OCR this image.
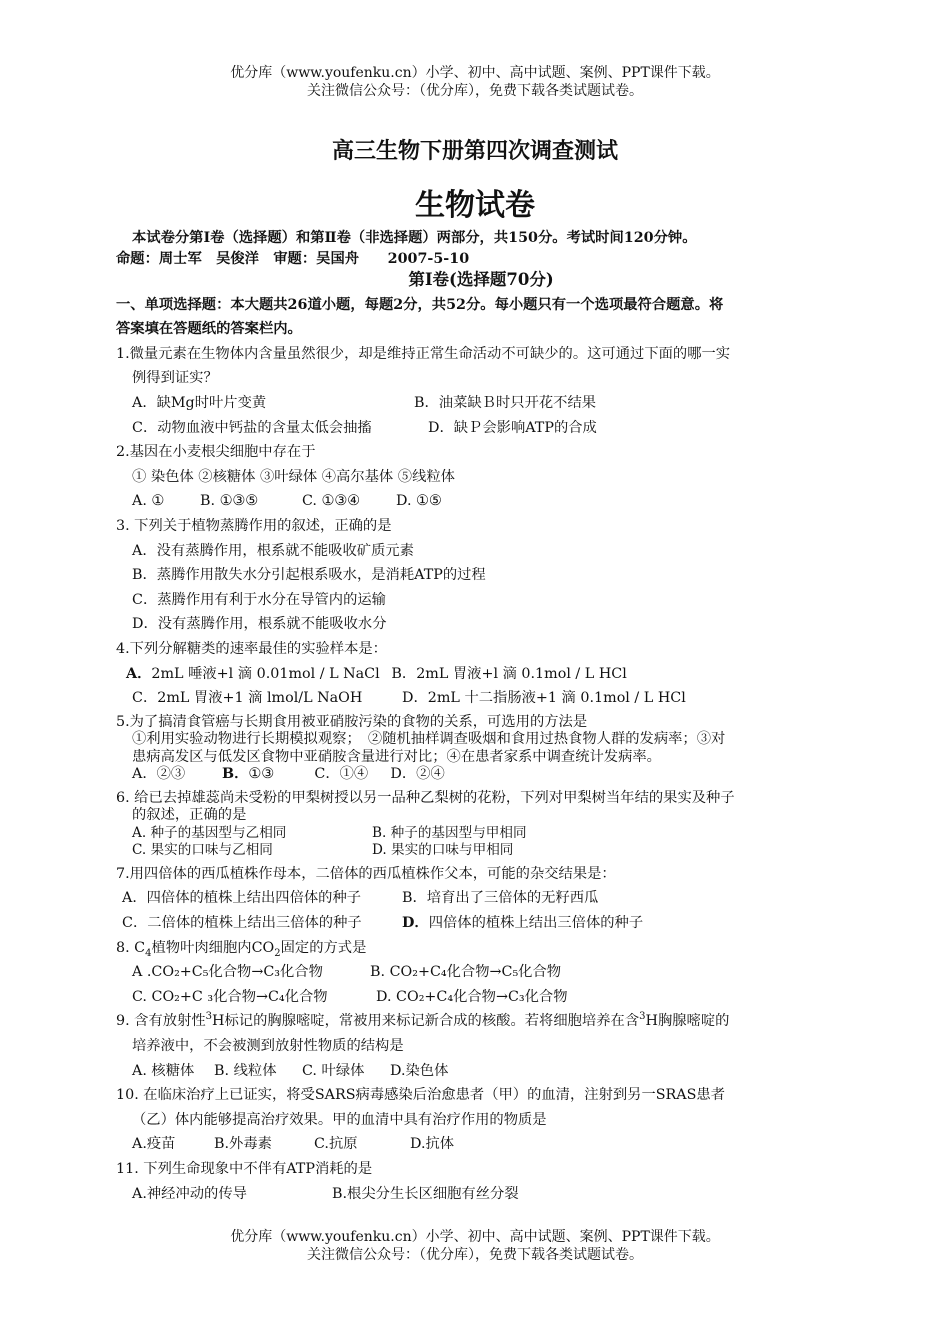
优分库（www.youfenku.cn）小学、初中、高中试题、案例、PPT课件下载。
关注微信公众号：（优分库），免费下载各类试题试卷。
高三生物下册第四次调查测试
生物试卷
本试卷分第Ⅰ卷（选择题）和第Ⅱ卷（非选择题）两部分，共150分。考试时间120分钟。
命题：周士军　吴俊洋　审题：吴国舟　　2007-5-10
第Ⅰ卷(选择题70分)
一、单项选择题：本大题共26道小题，每题2分，共52分。每小题只有一个选项最符合题意。将
答案填在答题纸的答案栏内。
1.微量元素在生物体内含量虽然很少，却是维持正常生命活动不可缺少的。这可通过下面的哪一实
例得到证实？
A．缺Mg时叶片变黄	B．油菜缺Ｂ时只开花不结果
C．动物血液中钙盐的含量太低会抽搐	D．缺Ｐ会影响ATP的合成
2.基因在小麦根尖细胞中存在于
① 染色体 ②核糖体 ③叶绿体 ④高尔基体 ⑤线粒体
A. ①	B. ①③⑤	C. ①③④	D. ①⑤
3. 下列关于植物蒸腾作用的叙述，正确的是
A．没有蒸腾作用，根系就不能吸收矿质元素
B．蒸腾作用散失水分引起根系吸水，是消耗ATP的过程
C．蒸腾作用有利于水分在导管内的运输
D．没有蒸腾作用，根系就不能吸收水分
4.下列分解糖类的速率最佳的实验样本是：
A．2mL 唾液+l 滴 0.01mol / L NaCl B．2mL 胃液+l 滴 0.1mol / L HCl
C．2mL 胃液+1 滴 lmol/L NaOH	D．2mL 十二指肠液+1 滴 0.1mol / L HCl
5.为了搞清食管癌与长期食用被亚硝胺污染的食物的关系，可选用的方法是
①利用实验动物进行长期模拟观察；　②随机抽样调查吸烟和食用过热食物人群的发病率；③对
患病高发区与低发区食物中亚硝胺含量进行对比；④在患者家系中调查统计发病率。
A．②③	B．①③	C．①④ D．②④
6. 给已去掉雄蕊尚未受粉的甲梨树授以另一品种乙梨树的花粉，下列对甲梨树当年结的果实及种子
的叙述，正确的是
A. 种子的基因型与乙相同	B. 种子的基因型与甲相同
C. 果实的口味与乙相同	D. 果实的口味与甲相同
7.用四倍体的西瓜植株作母本，二倍体的西瓜植株作父本，可能的杂交结果是：
A．四倍体的植株上结出四倍体的种子	B．培育出了三倍体的无籽西瓜
C．二倍体的植株上结出三倍体的种子	D．四倍体的植株上结出三倍体的种子
8. $C_4$植物叶肉细胞内$CO_2$固定的方式是
A .CO₂+C₅化合物→C₃化合物	B. CO₂+C₄化合物→C₅化合物
C. CO₂+C ₃化合物→C₄化合物	D. CO₂+C₄化合物→C₃化合物
9. 含有放射性$^3$H标记的胸腺嘧啶，常被用来标记新合成的核酸。若将细胞培养在含$^3$H胸腺嘧啶的
培养液中，不会被测到放射性物质的结构是
A. 核糖体 B. 线粒体 C. 叶绿体 D.染色体
10. 在临床治疗上已证实，将受SARS病毒感染后治愈患者（甲）的血清，注射到另一SRAS患者
（乙）体内能够提高治疗效果。甲的血清中具有治疗作用的物质是
A.疫苗	B.外毒素	C.抗原	D.抗体
11. 下列生命现象中不伴有ATP消耗的是
A.神经冲动的传导	B.根尖分生长区细胞有丝分裂
优分库（www.youfenku.cn）小学、初中、高中试题、案例、PPT课件下载。
关注微信公众号：（优分库），免费下载各类试题试卷。
